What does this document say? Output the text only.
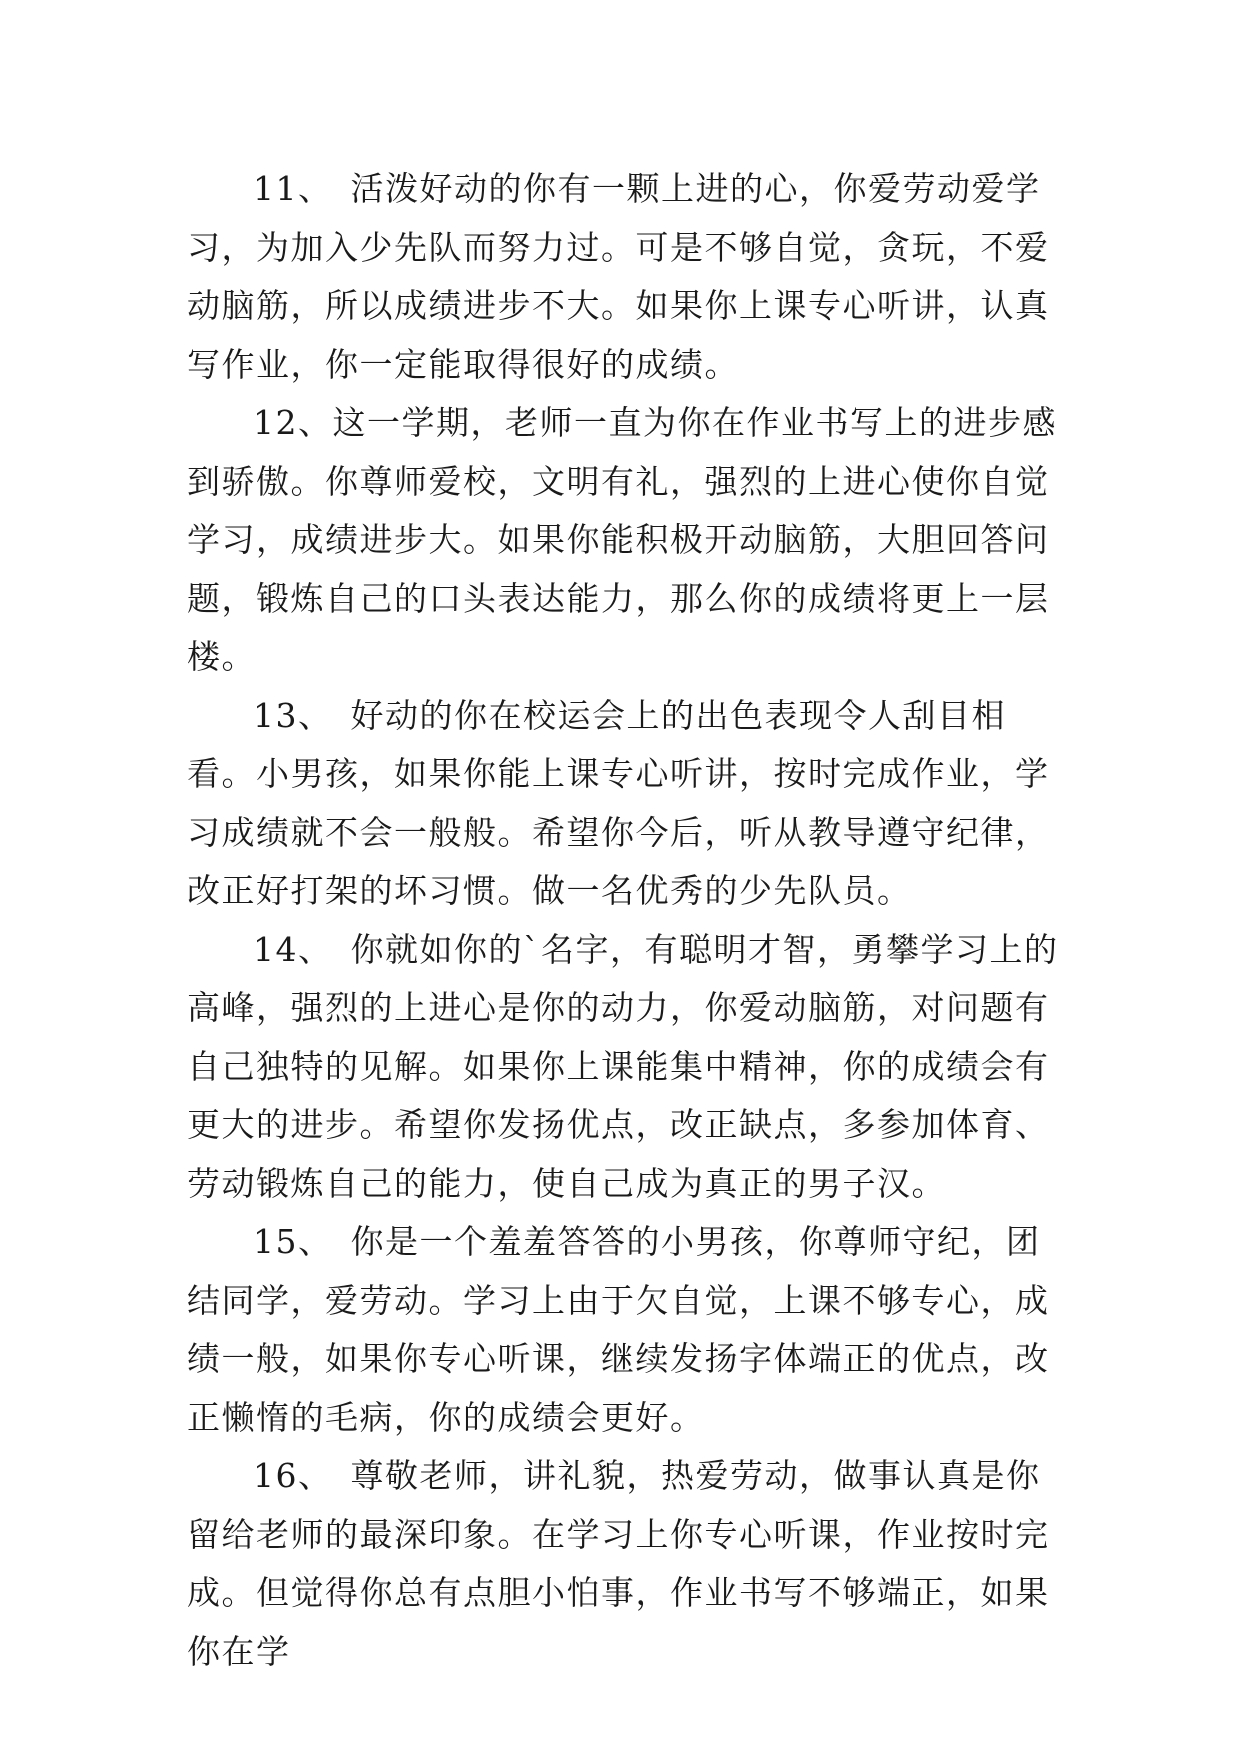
11、 活泼好动的你有一颗上进的心，你爱劳动爱学习，为加入少先队而努力过。可是不够自觉，贪玩，不爱动脑筋，所以成绩进步不大。如果你上课专心听讲，认真写作业，你一定能取得很好的成绩。

12、这一学期，老师一直为你在作业书写上的进步感到骄傲。你尊师爱校，文明有礼，强烈的上进心使你自觉学习，成绩进步大。如果你能积极开动脑筋，大胆回答问题，锻炼自己的口头表达能力，那么你的成绩将更上一层楼。

13、 好动的你在校运会上的出色表现令人刮目相看。小男孩，如果你能上课专心听讲，按时完成作业，学习成绩就不会一般般。希望你今后，听从教导遵守纪律，改正好打架的坏习惯。做一名优秀的少先队员。

14、 你就如你的`名字，有聪明才智，勇攀学习上的高峰，强烈的上进心是你的动力，你爱动脑筋，对问题有自己独特的见解。如果你上课能集中精神，你的成绩会有更大的进步。希望你发扬优点，改正缺点，多参加体育、劳动锻炼自己的能力，使自己成为真正的男子汉。

15、 你是一个羞羞答答的小男孩，你尊师守纪，团结同学，爱劳动。学习上由于欠自觉，上课不够专心，成绩一般，如果你专心听课，继续发扬字体端正的优点，改正懒惰的毛病，你的成绩会更好。

16、 尊敬老师，讲礼貌，热爱劳动，做事认真是你留给老师的最深印象。在学习上你专心听课，作业按时完成。但觉得你总有点胆小怕事，作业书写不够端正，如果你在学
